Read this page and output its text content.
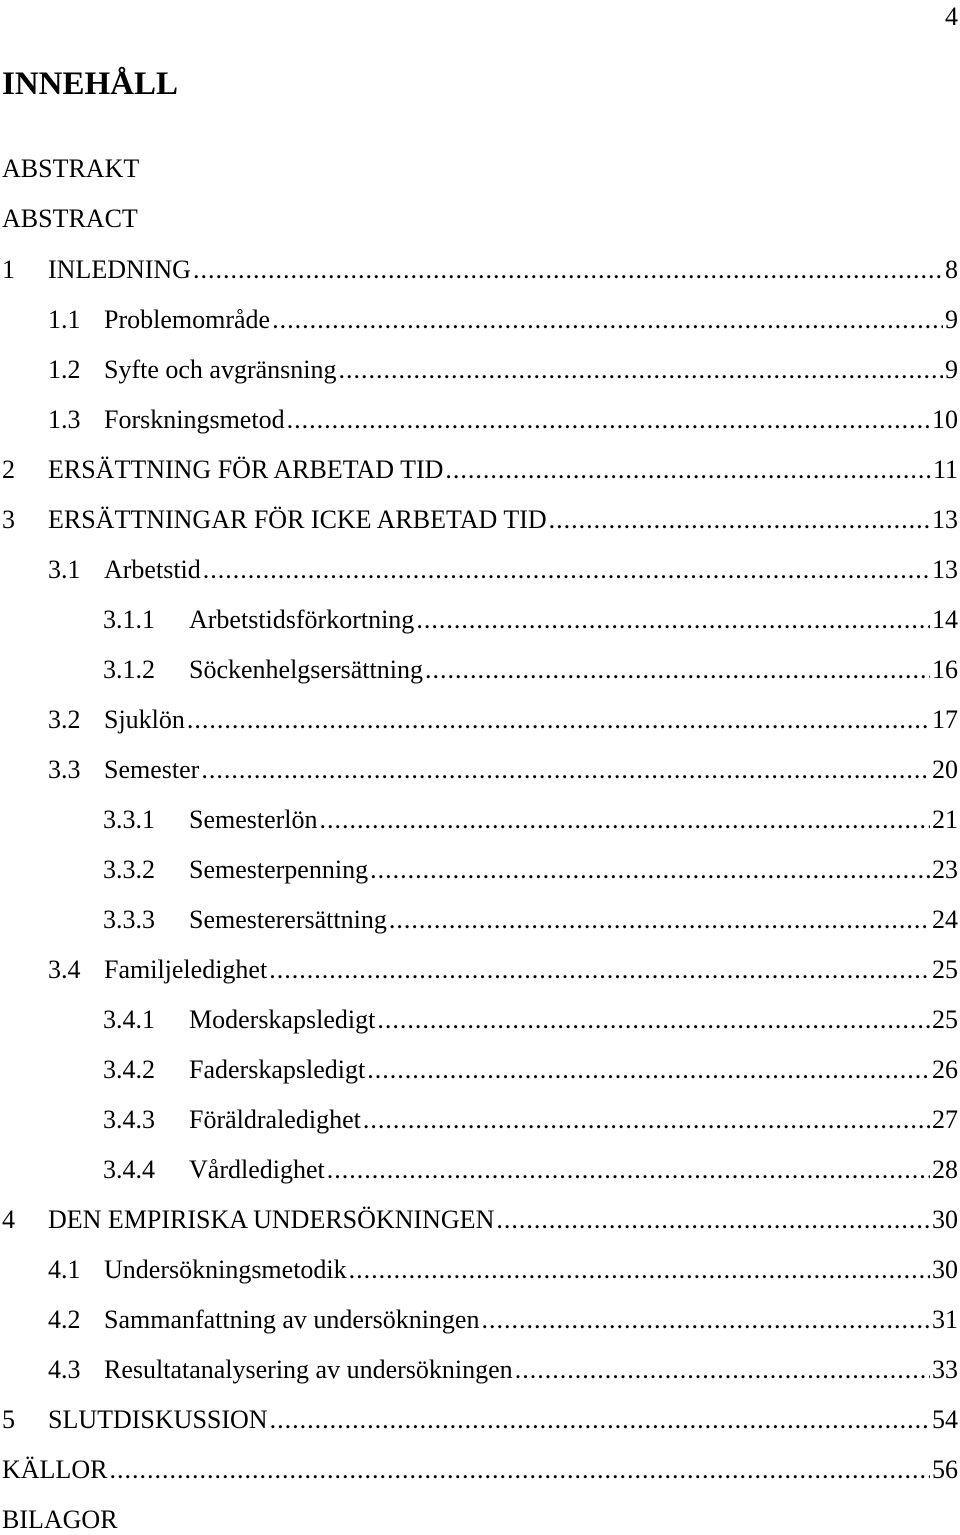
4
INNEHÅLL
ABSTRAKT
ABSTRACT
1	INLEDNING .....	8
1.1 Problemområde .....	9
1.2 Syfte och avgränsning .....	9
1.3 Forskningsmetod .....	10
2	ERSÄTTNING FÖR ARBETAD TID .....	11
3	ERSÄTTNINGAR FÖR ICKE ARBETAD TID .....	13
3.1 Arbetstid .....	13
3.1.1	Arbetstidsförkortning .....	14
3.1.2	Söckenhelgsersättning .....	16
3.2 Sjuklön .....	17
3.3 Semester .....	20
3.3.1	Semesterlön .....	21
3.3.2	Semesterpenning .....	23
3.3.3	Semesterersättning .....	24
3.4 Familjeledighet .....	25
3.4.1	Moderskapsledigt .....	25
3.4.2	Faderskapsledigt .....	26
3.4.3	Föräldraledighet .....	27
3.4.4	Vårdledighet .....	28
4	DEN EMPIRISKA UNDERSÖKNINGEN .....	30
4.1 Undersökningsmetodik .....	30
4.2 Sammanfattning av undersökningen .....	31
4.3 Resultatanalysering av undersökningen .....	33
5	SLUTDISKUSSION .....	54
KÄLLOR .....	56
BILAGOR
